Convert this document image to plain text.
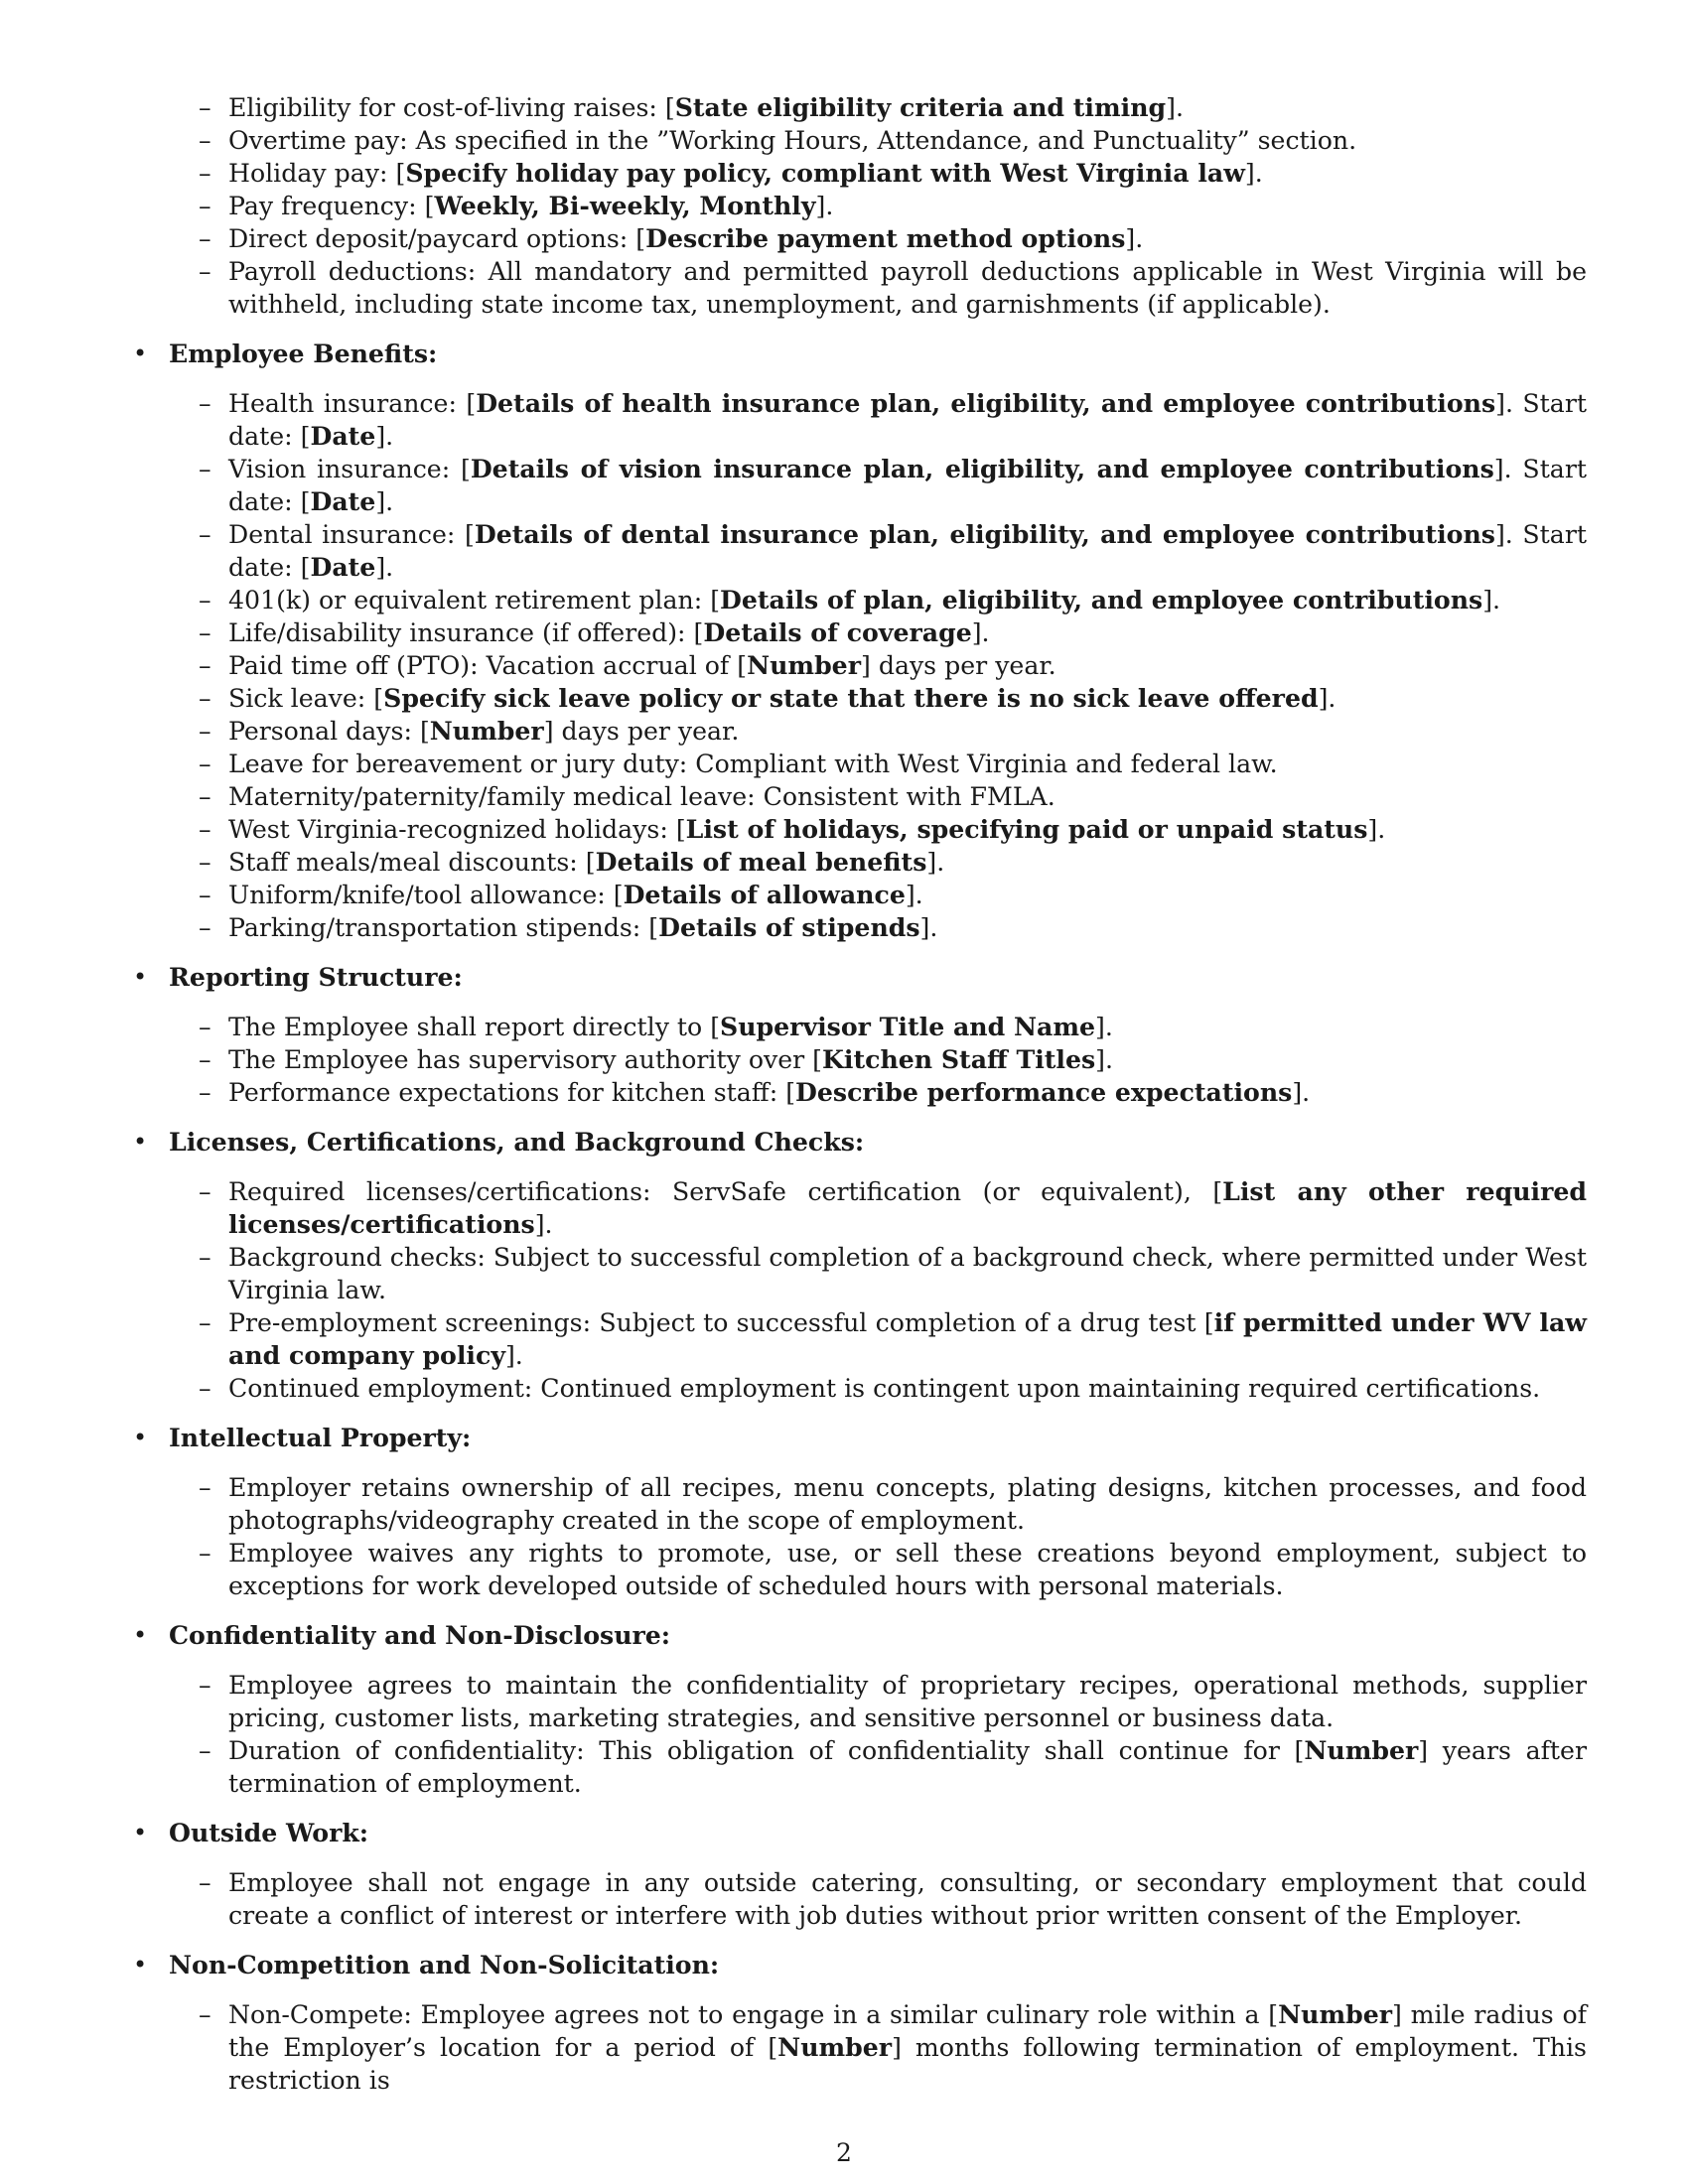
– Eligibility for cost-of-living raises: [State eligibility criteria and timing].
– Overtime pay: As specified in the ”Working Hours, Attendance, and Punctuality” section.
– Holiday pay: [Specify holiday pay policy, compliant with West Virginia law].
– Pay frequency: [Weekly, Bi-weekly, Monthly].
– Direct deposit/paycard options: [Describe payment method options].
– Payroll deductions: All mandatory and permitted payroll deductions applicable in West Virginia will be withheld, including state income tax, unemployment, and garnishments (if applicable).
• Employee Benefits:
– Health insurance: [Details of health insurance plan, eligibility, and employee contributions]. Start date: [Date].
– Vision insurance: [Details of vision insurance plan, eligibility, and employee contributions]. Start date: [Date].
– Dental insurance: [Details of dental insurance plan, eligibility, and employee contributions]. Start date: [Date].
– 401(k) or equivalent retirement plan: [Details of plan, eligibility, and employee contributions].
– Life/disability insurance (if offered): [Details of coverage].
– Paid time off (PTO): Vacation accrual of [Number] days per year.
– Sick leave: [Specify sick leave policy or state that there is no sick leave offered].
– Personal days: [Number] days per year.
– Leave for bereavement or jury duty: Compliant with West Virginia and federal law.
– Maternity/paternity/family medical leave: Consistent with FMLA.
– West Virginia-recognized holidays: [List of holidays, specifying paid or unpaid status].
– Staff meals/meal discounts: [Details of meal benefits].
– Uniform/knife/tool allowance: [Details of allowance].
– Parking/transportation stipends: [Details of stipends].
• Reporting Structure:
– The Employee shall report directly to [Supervisor Title and Name].
– The Employee has supervisory authority over [Kitchen Staff Titles].
– Performance expectations for kitchen staff: [Describe performance expectations].
• Licenses, Certifications, and Background Checks:
– Required licenses/certifications: ServSafe certification (or equivalent), [List any other required licenses/certifications].
– Background checks: Subject to successful completion of a background check, where permitted under West Virginia law.
– Pre-employment screenings: Subject to successful completion of a drug test [if permitted under WV law and company policy].
– Continued employment: Continued employment is contingent upon maintaining required certifications.
• Intellectual Property:
– Employer retains ownership of all recipes, menu concepts, plating designs, kitchen processes, and food photographs/videography created in the scope of employment.
– Employee waives any rights to promote, use, or sell these creations beyond employment, subject to exceptions for work developed outside of scheduled hours with personal materials.
• Confidentiality and Non-Disclosure:
– Employee agrees to maintain the confidentiality of proprietary recipes, operational methods, supplier pricing, customer lists, marketing strategies, and sensitive personnel or business data.
– Duration of confidentiality: This obligation of confidentiality shall continue for [Number] years after termination of employment.
• Outside Work:
– Employee shall not engage in any outside catering, consulting, or secondary employment that could create a conflict of interest or interfere with job duties without prior written consent of the Employer.
• Non-Competition and Non-Solicitation:
– Non-Compete: Employee agrees not to engage in a similar culinary role within a [Number] mile radius of the Employer’s location for a period of [Number] months following termination of employment. This restriction is
2
